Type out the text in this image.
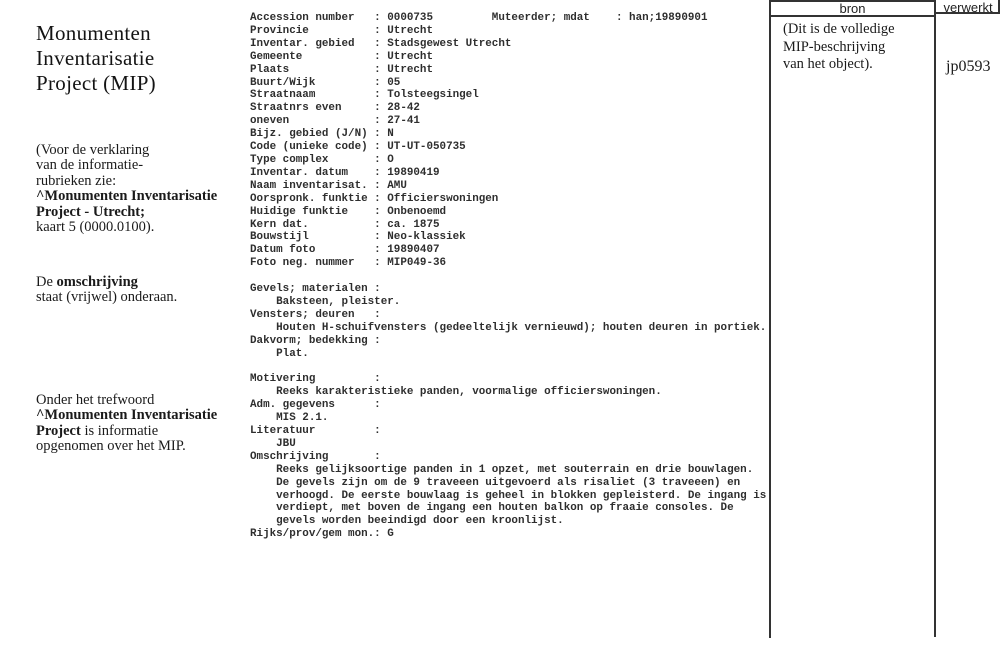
Monumenten
Inventarisatie
Project (MIP)
(Voor de verklaring
van de informatie-
rubrieken zie:
^Monumenten Inventarisatie
Project - Utrecht;
kaart 5 (0000.0100).
De omschrijving
staat (vrijwel) onderaan.
Onder het trefwoord
^Monumenten Inventarisatie
Project is informatie
opgenomen over het MIP.
Accession number   : 0000735         Muteerder; mdat    : han;19890901
Provincie          : Utrecht
Inventar. gebied   : Stadsgewest Utrecht
Gemeente           : Utrecht
Plaats             : Utrecht
Buurt/Wijk         : 05
Straatnaam         : Tolsteegsingel
Straatnrs even     : 28-42
oneven             : 27-41
Bijz. gebied (J/N) : N
Code (unieke code) : UT-UT-050735
Type complex       : O
Inventar. datum    : 19890419
Naam inventarisat. : AMU
Oorspronk. funktie : Officierswoningen
Huidige funktie    : Onbenoemd
Kern dat.          : ca. 1875
Bouwstijl          : Neo-klassiek
Datum foto         : 19890407
Foto neg. nummer   : MIP049-36

Gevels; materialen :
Baksteen, pleister.
Vensters; deuren   :
Houten H-schuifvensters (gedeeltelijk vernieuwd); houten deuren in portiek.
Dakvorm; bedekking :
Plat.

Motivering         :
Reeks karakteristieke panden, voormalige officierswoningen.
Adm. gegevens      :
MIS 2.1.
Literatuur         :
JBU
Omschrijving       :
Reeks gelijksoortige panden in 1 opzet, met souterrain en drie bouwlagen.
De gevels zijn om de 9 traveeen uitgevoerd als risaliet (3 traveeen) en
verhoogd. De eerste bouwlaag is geheel in blokken gepleisterd. De ingang is
verdiept, met boven de ingang een houten balkon op fraaie consoles. De
gevels worden beeindigd door een kroonlijst.
Rijks/prov/gem mon.: G
bron	verwerkt
(Dit is de volledige
MIP-beschrijving
van het object).	jp0593
